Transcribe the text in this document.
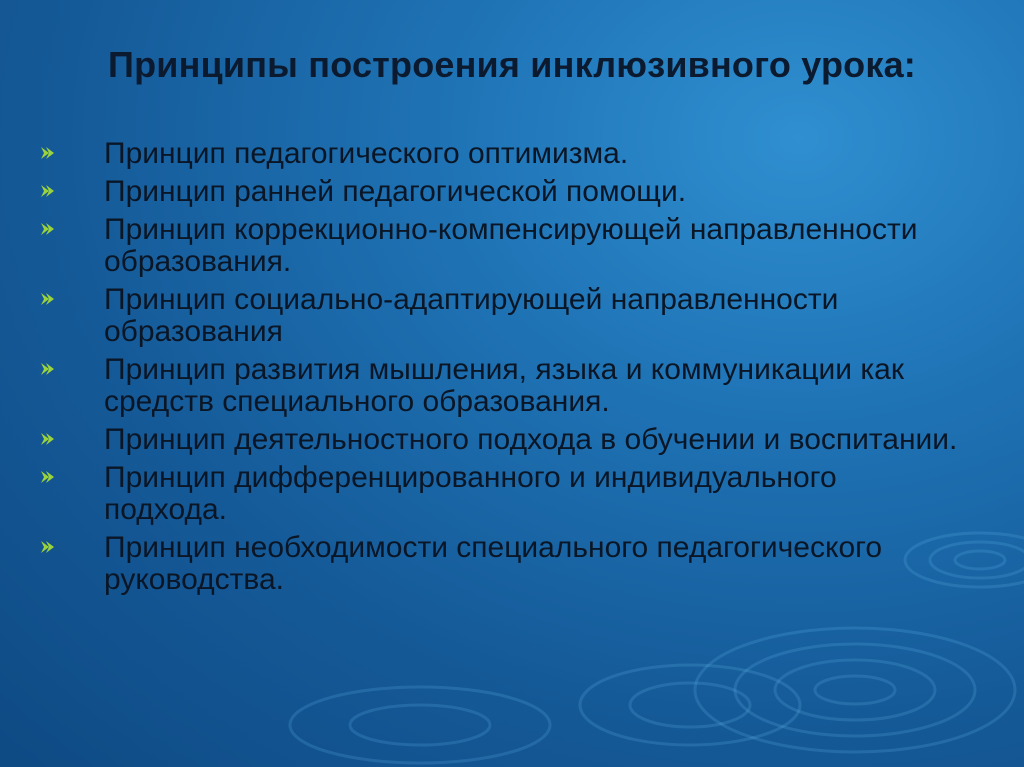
Принципы построения инклюзивного урока:
Принцип педагогического оптимизма.
Принцип ранней педагогической помощи.
Принцип коррекционно-компенсирующей направленности образования.
Принцип социально-адаптирующей направленности образования
Принцип развития мышления, языка и коммуникации как средств специального образования.
Принцип деятельностного подхода в обучении и воспитании.
Принцип дифференцированного и индивидуального подхода.
Принцип необходимости специального педагогического руководства.
